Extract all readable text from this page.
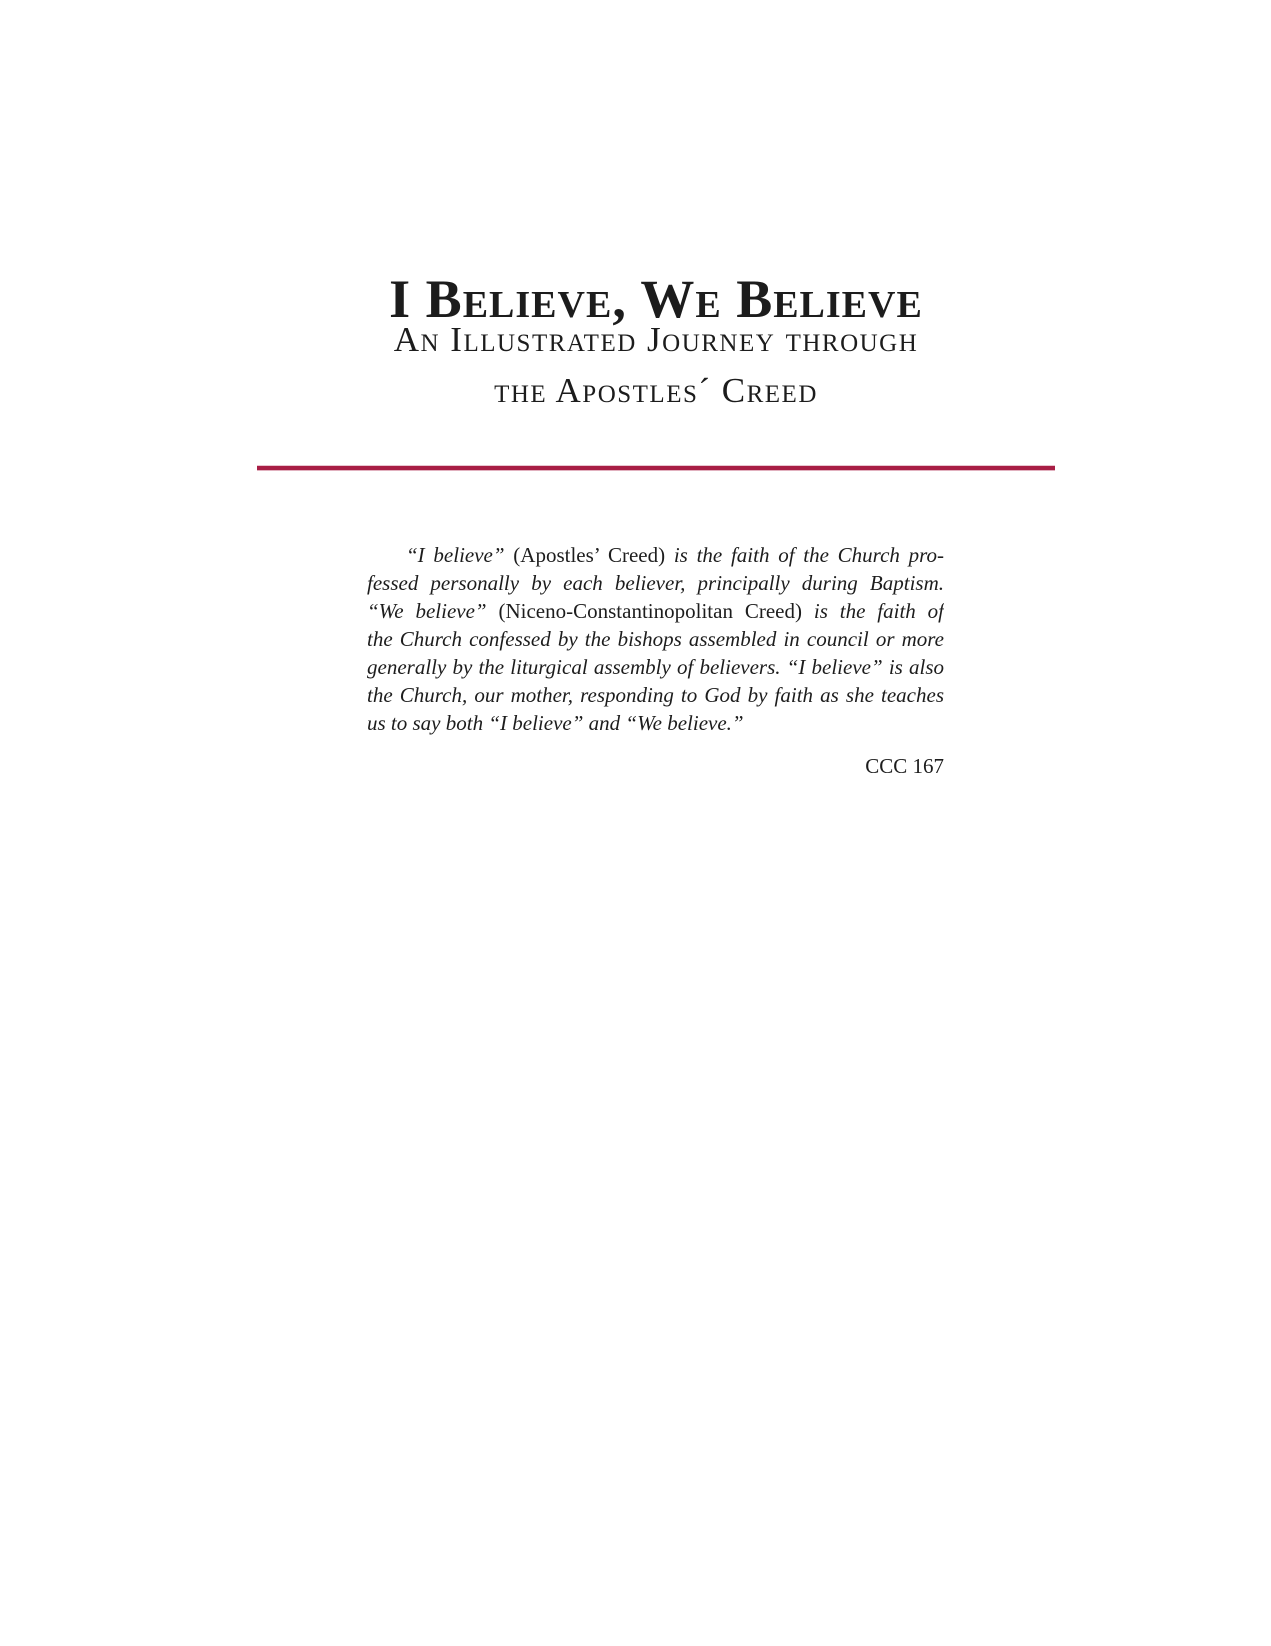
I Believe, We Believe
An Illustrated Journey through
the Apostles´ Creed
“I believe” (Apostles’ Creed) is the faith of the Church pro-
fessed personally by each believer, principally during Baptism.
“We believe” (Niceno-Constantinopolitan Creed) is the faith of
the Church confessed by the bishops assembled in council or more
generally by the liturgical assembly of believers. “I believe” is also
the Church, our mother, responding to God by faith as she teaches
us to say both “I believe” and “We believe.”
CCC 167
